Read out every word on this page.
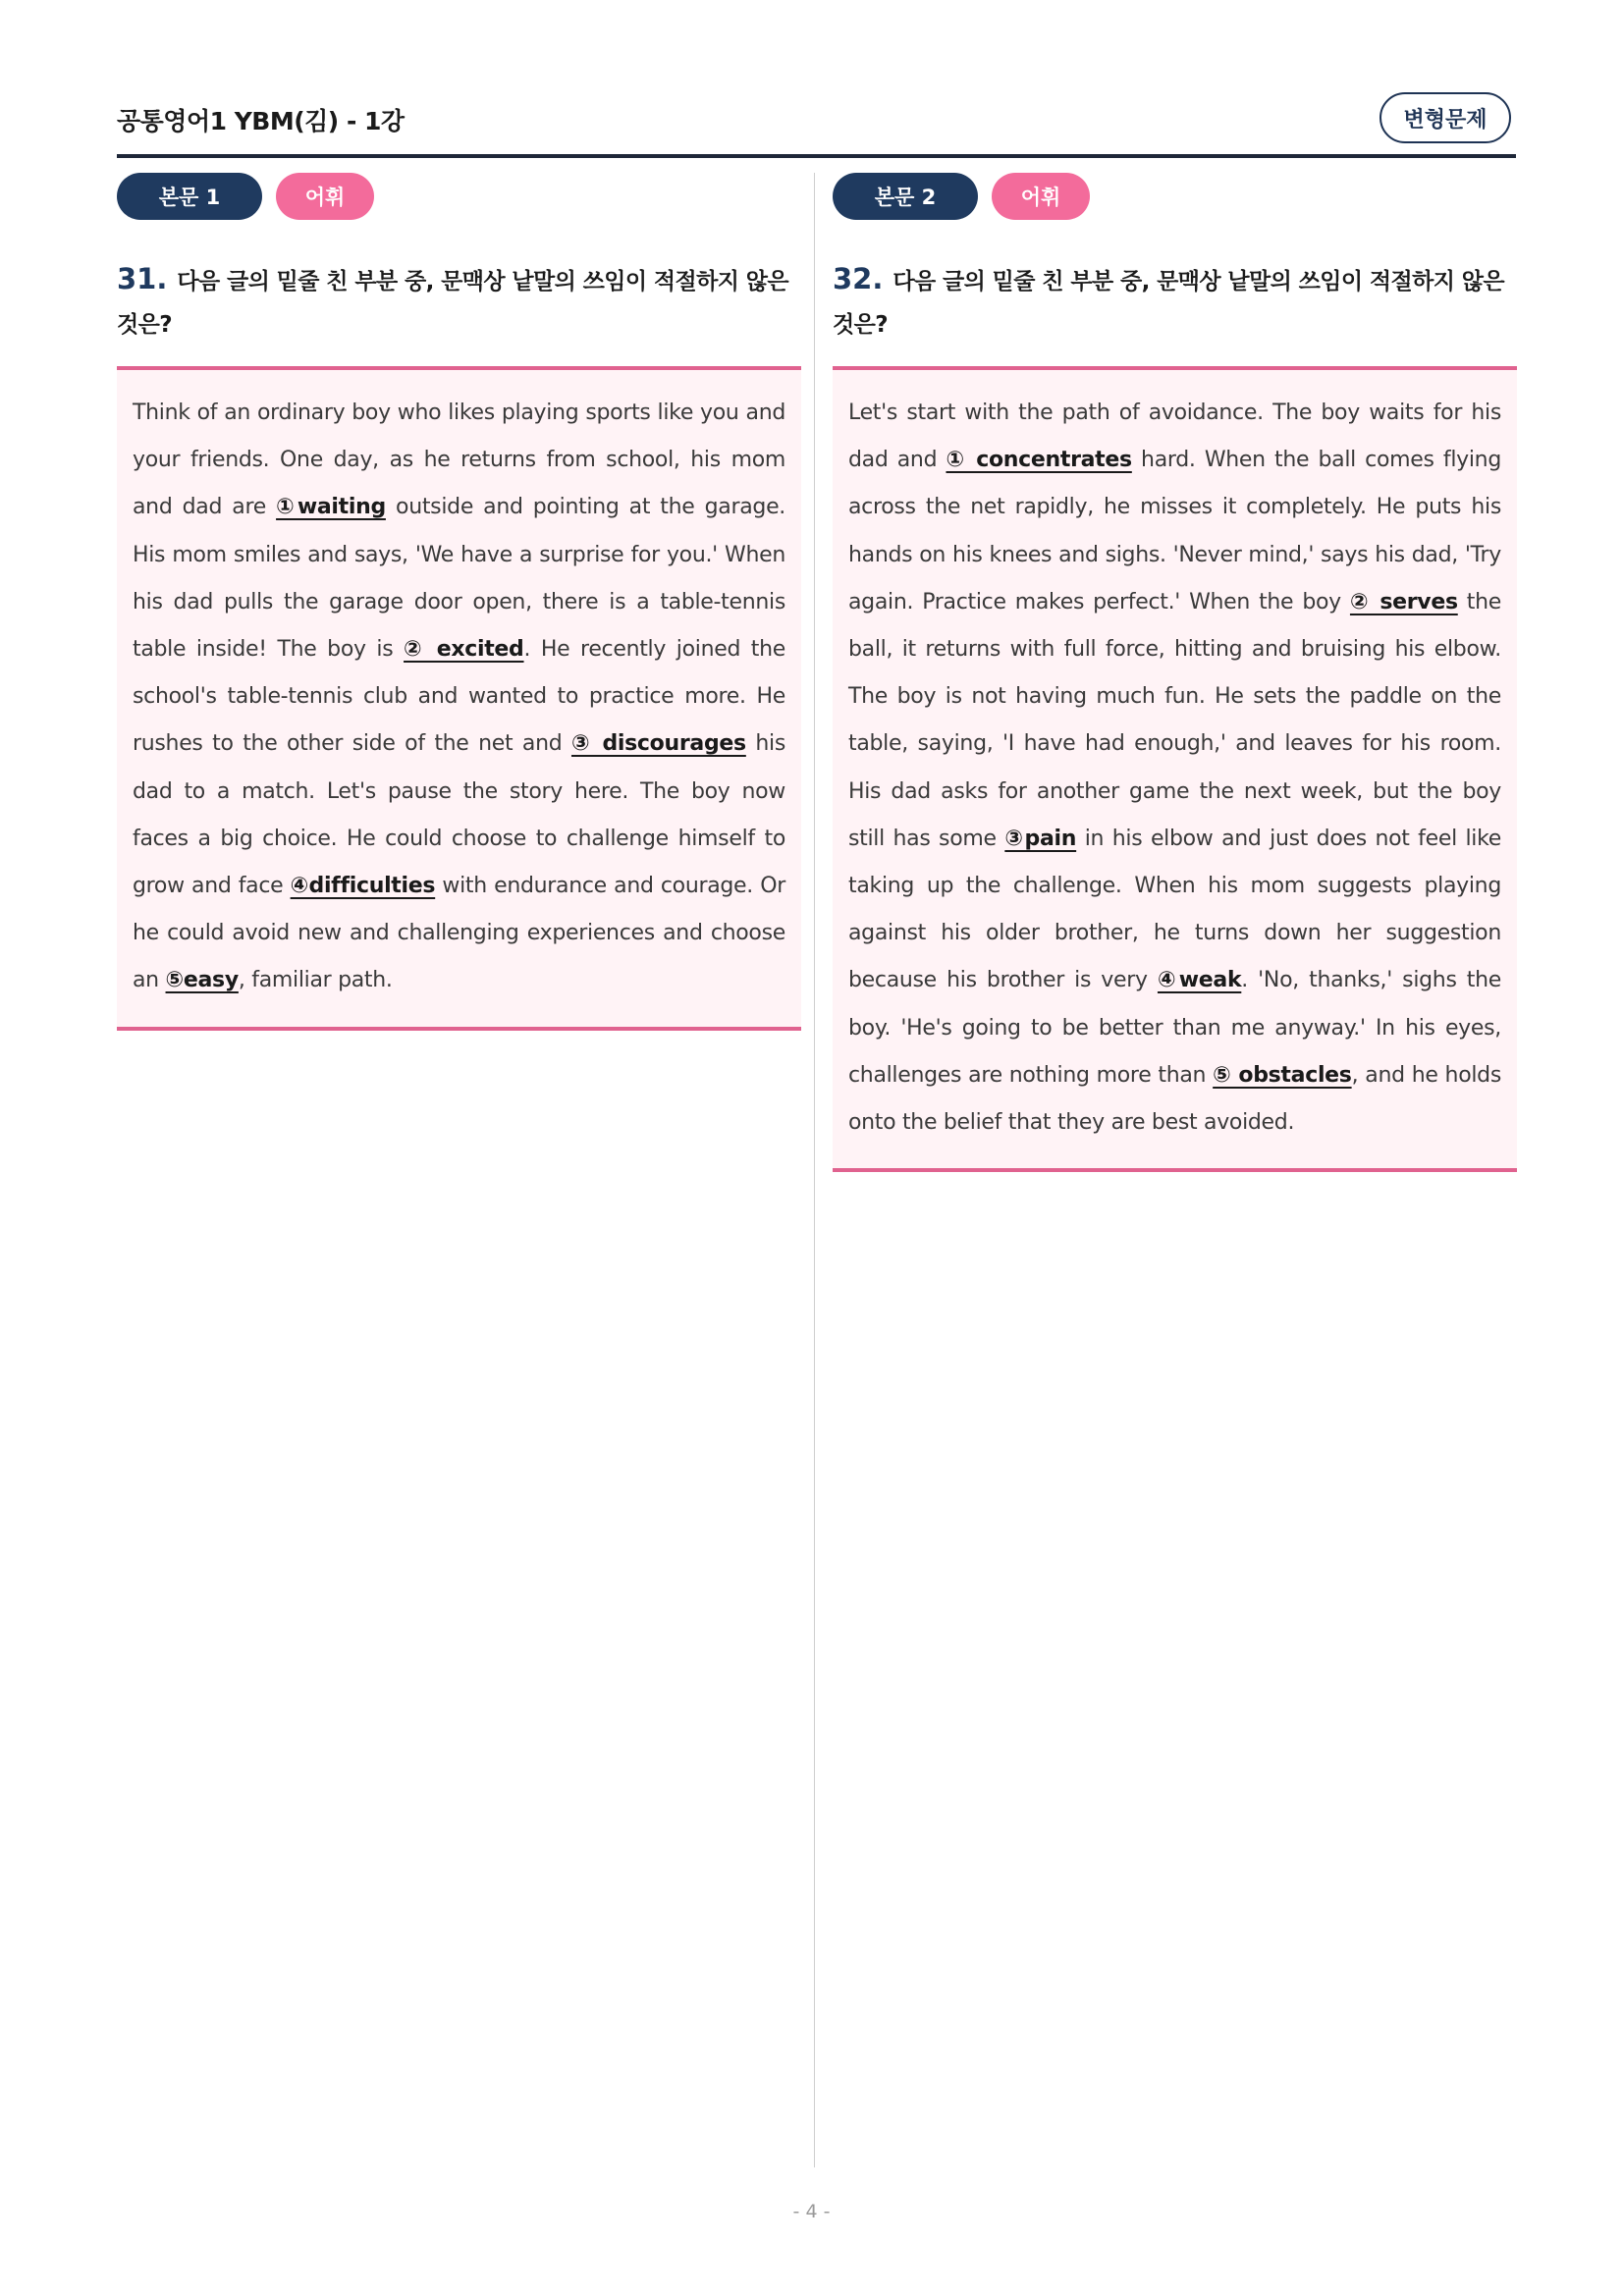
공통영어1 YBM(김) - 1강	변형문제
본문 1	어휘
31. 다음 글의 밑줄 친 부분 중, 문맥상 낱말의 쓰임이 적절하지 않은 것은?

Think of an ordinary boy who likes playing sports like you and your friends. One day, as he returns from school, his mom and dad are ①waiting outside and pointing at the garage. His mom smiles and says, 'We have a surprise for you.' When his dad pulls the garage door open, there is a table-tennis table inside! The boy is ② excited. He recently joined the school's table-tennis club and wanted to practice more. He rushes to the other side of the net and ③ discourages his dad to a match. Let's pause the story here. The boy now faces a big choice. He could choose to challenge himself to grow and face ④difficulties with endurance and courage. Or he could avoid new and challenging experiences and choose an ⑤easy, familiar path.

본문 2	어휘
32. 다음 글의 밑줄 친 부분 중, 문맥상 낱말의 쓰임이 적절하지 않은 것은?

Let's start with the path of avoidance. The boy waits for his dad and ① concentrates hard. When the ball comes flying across the net rapidly, he misses it completely. He puts his hands on his knees and sighs. 'Never mind,' says his dad, 'Try again. Practice makes perfect.' When the boy ② serves the ball, it returns with full force, hitting and bruising his elbow. The boy is not having much fun. He sets the paddle on the table, saying, 'I have had enough,' and leaves for his room. His dad asks for another game the next week, but the boy still has some ③pain in his elbow and just does not feel like taking up the challenge. When his mom suggests playing against his older brother, he turns down her suggestion because his brother is very ④weak. 'No, thanks,' sighs the boy. 'He's going to be better than me anyway.' In his eyes, challenges are nothing more than ⑤ obstacles, and he holds onto the belief that they are best avoided.

- 4 -
